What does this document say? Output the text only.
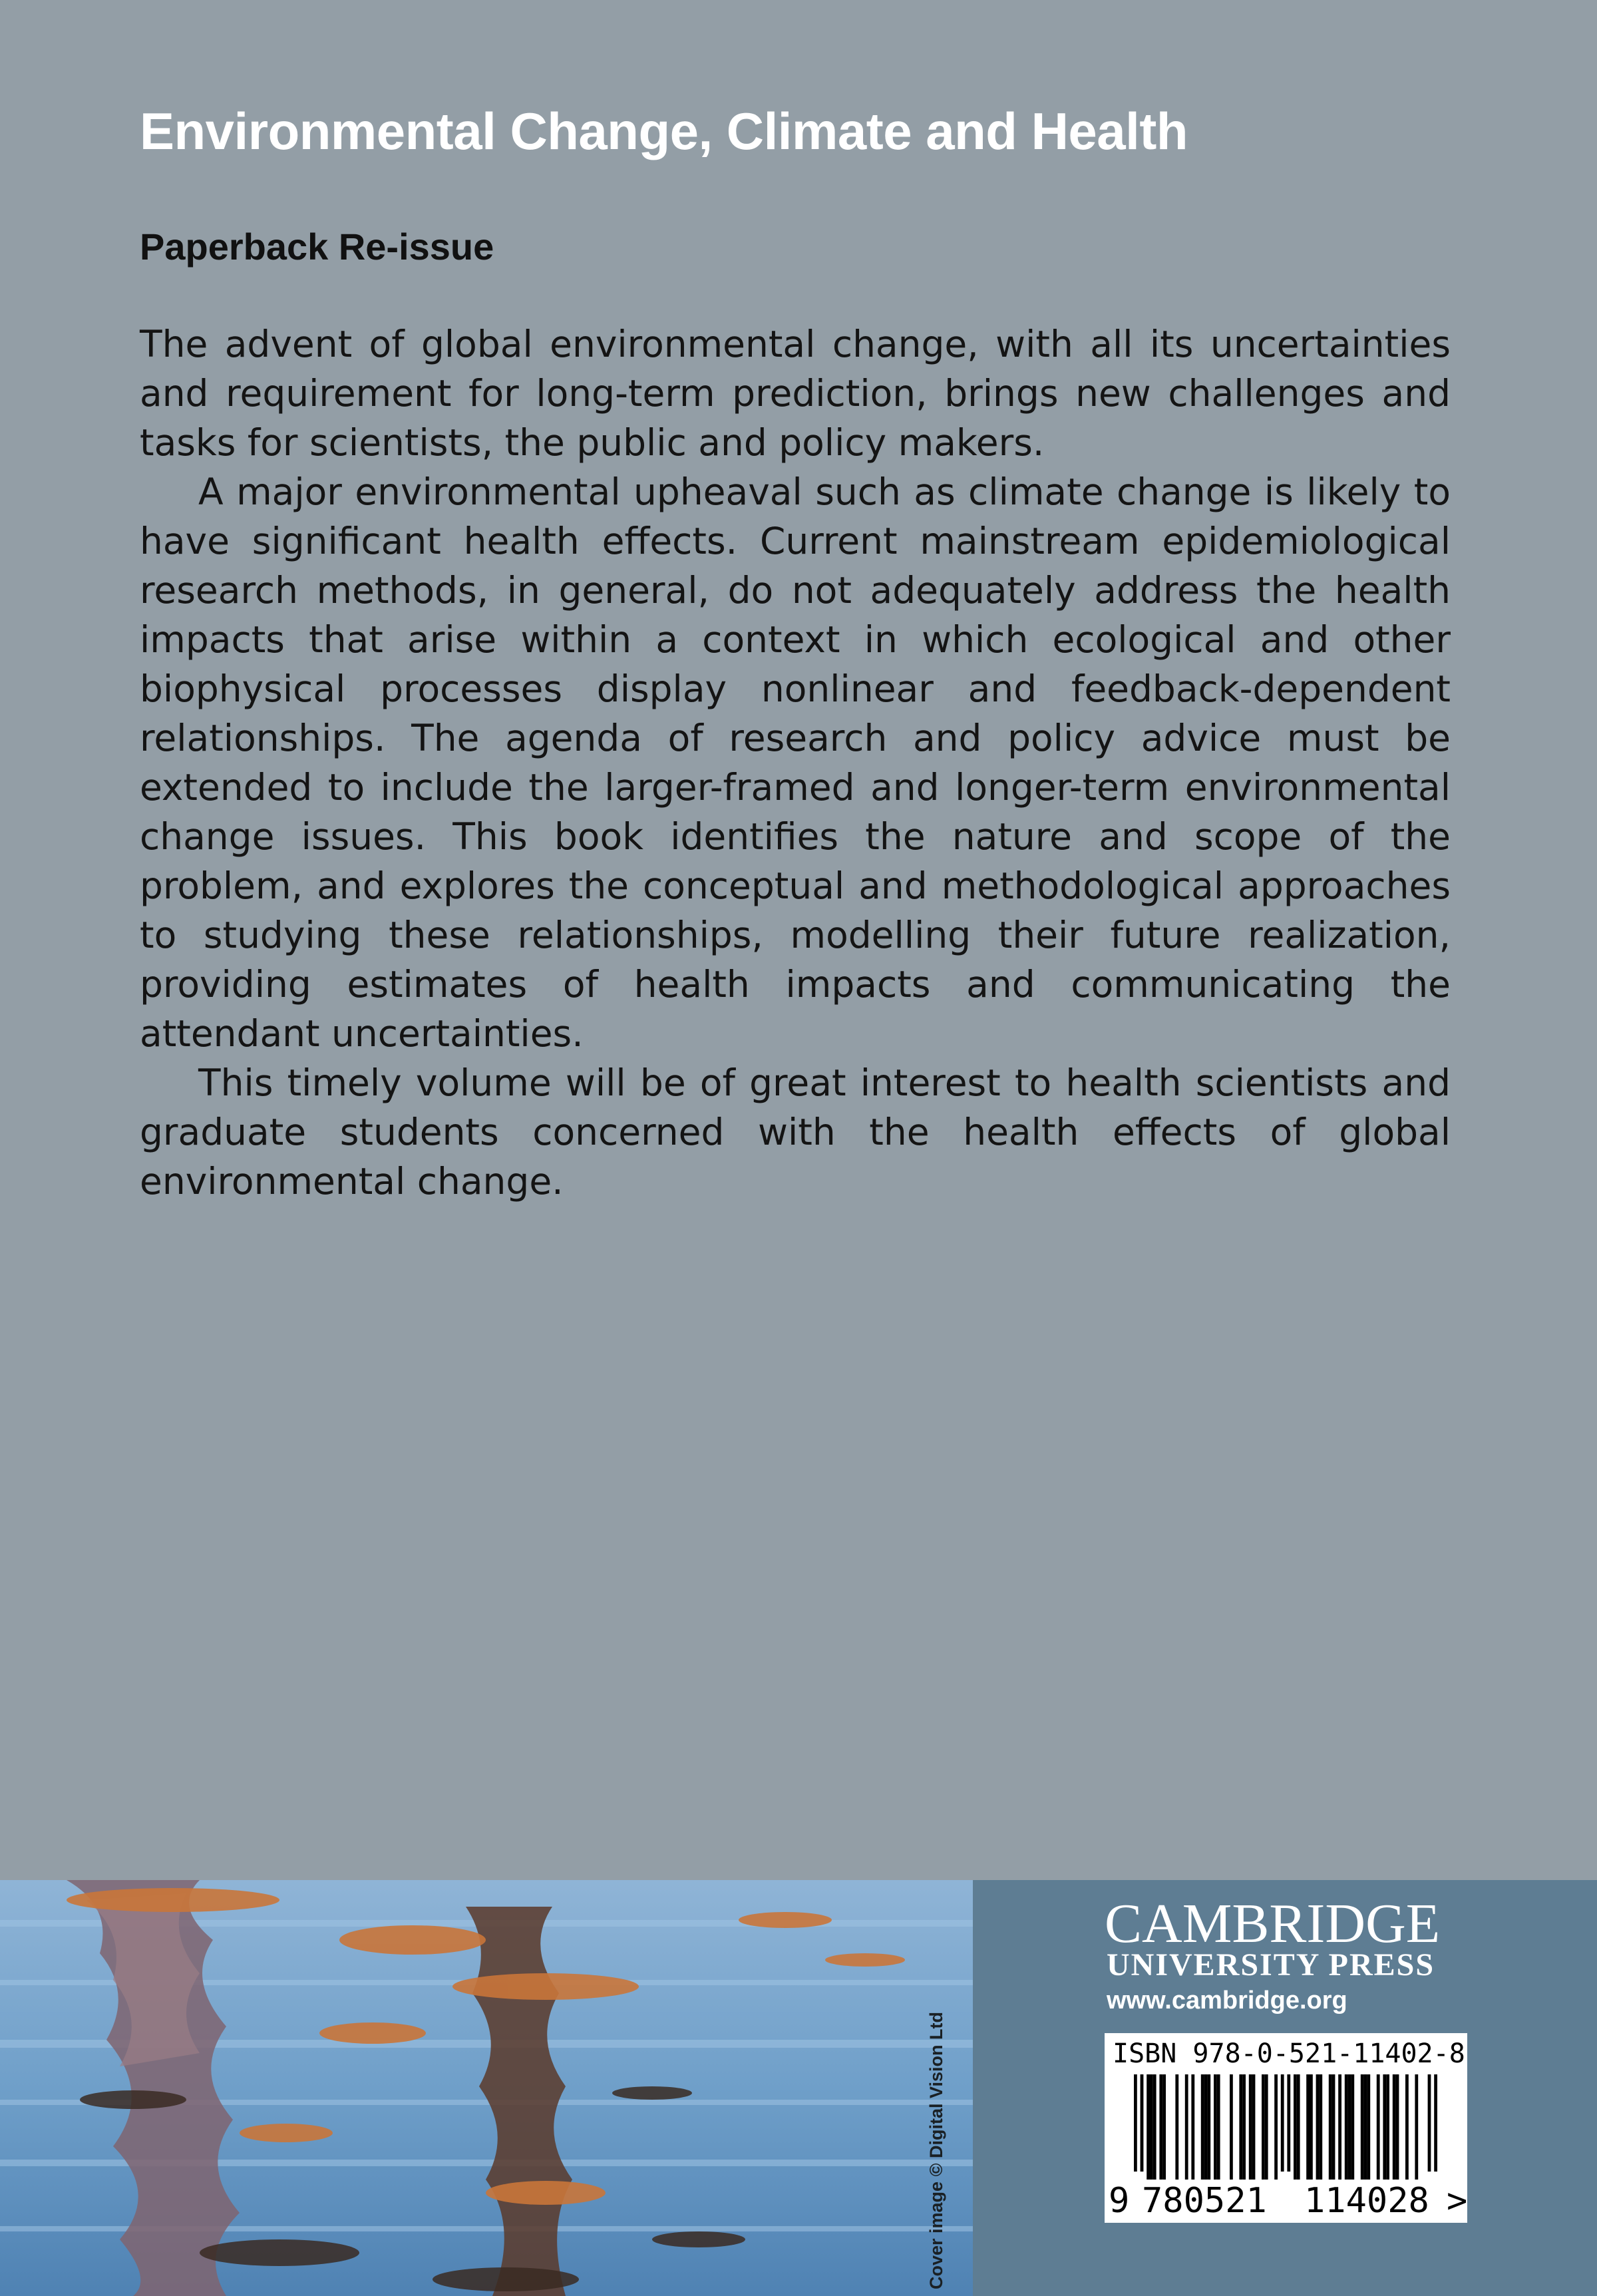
Environmental Change, Climate and Health
Paperback Re-issue

The advent of global environmental change, with all its uncertainties and requirement for long-term prediction, brings new challenges and tasks for scientists, the public and policy makers.

A major environmental upheaval such as climate change is likely to have significant health effects. Current mainstream epidemiological research methods, in general, do not adequately address the health impacts that arise within a context in which ecological and other biophysical processes display nonlinear and feedback-dependent relationships. The agenda of research and policy advice must be extended to include the larger-framed and longer-term environmental change issues. This book identifies the nature and scope of the problem, and explores the conceptual and methodological approaches to studying these relationships, modelling their future realization, providing estimates of health impacts and communicating the attendant uncertainties.

This timely volume will be of great interest to health scientists and graduate students concerned with the health effects of global environmental change.

Cover image © Digital Vision Ltd
CAMBRIDGE
UNIVERSITY PRESS
www.cambridge.org
ISBN 978-0-521-11402-8
9 780521 114028 >
